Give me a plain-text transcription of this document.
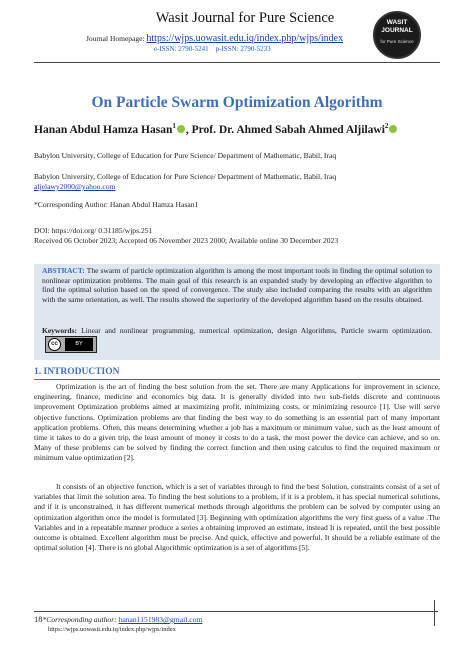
Wasit Journal for Pure Science
Journal Homepage: https://wjps.uowasit.edu.iq/index.php/wjps/index
e-ISSN: 2790-5241 p-ISSN: 2790-5233
WASIT JOURNAL
for Pure Science
On Particle Swarm Optimization Algorithm
Hanan Abdul Hamza Hasan$^1$ , Prof. Dr. Ahmed Sabah Ahmed Aljilawi$^2$
Babylon University, College of Education for Pure Science/ Department of Mathematic, Babil, Iraq
Babylon University, College of Education for Pure Science/ Department of Mathematic, Babil, Iraq
aljelawy2000@yahoo.com
*Corresponding Author: Hanan Abdul Hamza Hasan1
DOI: https://doi.org/ 0.31185/wjps.251
Received 06 October 2023; Accepted 06 November 2023 2000; Available online 30 December 2023
ABSTRACT: The swarm of particle optimization algorithm is among the most important tools in finding the optimal solution to nonlinear optimization problems. The main goal of this research is an expanded study by developing an effective algorithm to find the optimal solution based on the speed of convergence. The study also included comparing the results with an algorithm with the same orientation, as well. The results showed the superiority of the developed algorithm based on the results obtained.
Keywords: Linear and nonlinear programming, numerical optimization, design Algorithms, Particle swarm optimization.
cc	BY
1. INTRODUCTION
Optimization is the art of finding the best solution from the set. There are many Applications for improvement in science, engineering, finance, medicine and economics big data. It is generally divided into two sub-fields discrete and continuous improvement Optimization problems aimed at maximizing profit, minimizing costs, or minimizing resource [1]. Use will serve objective functions. Optimization problems are that finding the best way to do something is an essential part of many important application problems. Often, this means determining whether a job has a maximum or minimum value, such as the least amount of time it takes to do a given trip, the least amount of money it costs to do a task, the most power the device can achieve, and so on. Many of these problems can be solved by finding the correct function and then using calculus to find the required maximum or minimum value optimization [2].
It consists of an objective function, which is a set of variables through to find the best Solution, constraints consist of a set of variables that limit the solution area. To finding the best solutions to a problem, if it is a problem, it has special numerical solutions, and if it is unconstrained, it has different numerical methods through algorithms the problem can be solved by computer using an optimization algorithm once the model is formulated [3]. Beginning with optimization algorithms the very first guess of a value .The Variables and in a repeatable manner produce a series a obtaining improved an estimate, instead It is repeated, until the best possible outcome is obtained. Excellent algorithm must be precise. And quick, effective and powerful. It should be a reliable estimate of the optimal solution [4]. There is no global Algorithmic optimization is a set of algorithms [5].
18*Corresponding author: hanan1151983@gmail.com
https://wjps.uowasit.edu.iq/index.php/wjps/index
